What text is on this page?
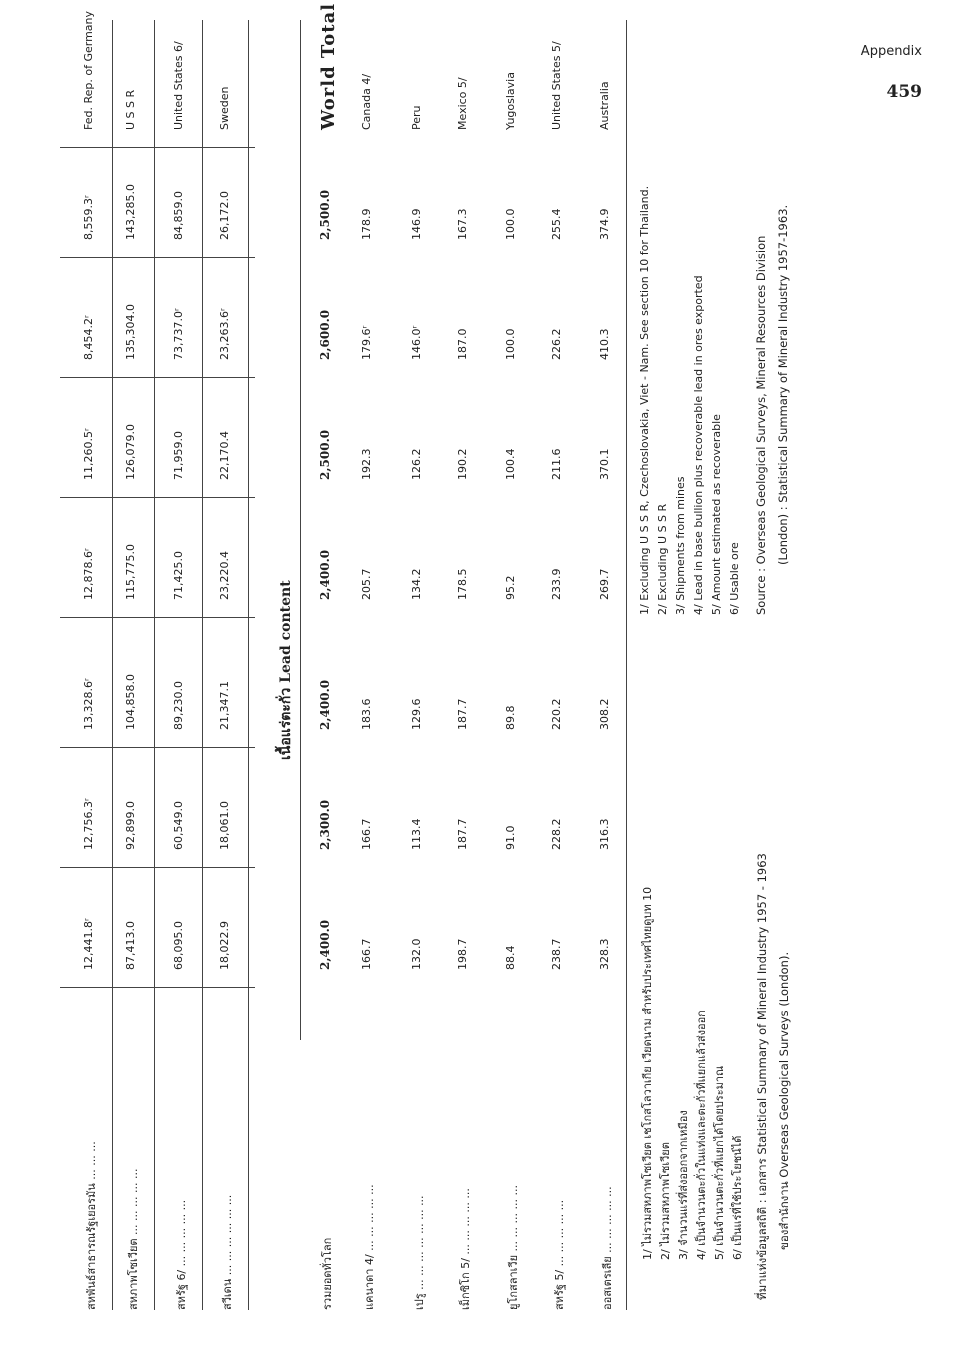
Appendix
459
สหพันธ์สาธารณรัฐเยอรมัน ... ... ...
12,441.8ʳ
12,756.3ʳ
13,328.6ʳ
12,878.6ʳ
11,260.5ʳ
8,454.2ʳ
8,559.3ʳ
Fed. Rep. of Germany
สหภาพโซเวียต ... ... ... ... ...
87,413.0
92,899.0
104,858.0
115,775.0
126,079.0
135,304.0
143,285.0
U S S R
สหรัฐ 6/ ... ... ... ... ...
68,095.0
60,549.0
89,230.0
71,425.0
71,959.0
73,737.0ʳ
84,859.0
United States 6/
สวีเดน ... ... ... ... ... ...
18,022.9
18,061.0
21,347.1
23,220.4
22,170.4
23,263.6ʳ
26,172.0
Sweden
เนื้อแร่ตะกั่ว Lead content
รวมยอดทั่วโลก
2,400.0
2,300.0
2,400.0
2,400.0
2,500.0
2,600.0
2,500.0
World Total
แคนาดา 4/ ... ... ... ... ...
166.7
166.7
183.6
205.7
192.3
179.6ʳ
178.9
Canada 4/
เปรู ... ... ... ... ... ... ...
132.0
113.4
129.6
134.2
126.2
146.0ʳ
146.9
Peru
เม็กซิโก 5/ ... ... ... ... ...
198.7
187.7
187.7
178.5
190.2
187.0
167.3
Mexico 5/
ยูโกสลาเวีย ... ... ... ... ...
88.4
91.0
89.8
95.2
100.4
100.0
100.0
Yugoslavia
สหรัฐ 5/ ... ... ... ... ...
238.7
228.2
220.2
233.9
211.6
226.2
255.4
United States 5/
ออสเตรเลีย ... ... ... ... ...
328.3
316.3
308.2
269.7
370.1
410.3
374.9
Australia
1/ ไม่รวมสหภาพโซเวียต เชโกสโลวาเกีย เวียดนาม สำหรับประเทศไทยดูบท 10 2/ ไม่รวมสหภาพโซเวียต 3/ จำนวนแร่ที่ส่งออกจากเหมือง 4/ เป็นจำนวนตะกั่วในแท่งและตะกั่วที่แยกแล้วส่งออก 5/ เป็นจำนวนตะกั่วที่แยกได้โดยประมาณ 6/ เป็นแร่ที่ใช้ประโยชน์ได้ ที่มาแห่งข้อมูลสถิติ : เอกสาร Statistical Summary of Mineral Industry 1957 - 1963 ของสำนักงาน Overseas Geological Surveys (London).
1/ Excluding U S S R, Czechoslovakia, Viet - Nam. See section 10 for Thailand. 2/ Excluding U S S R 3/ Shipments from mines 4/ Lead in base bullion plus recoverable lead in ores exported 5/ Amount estimated as recoverable 6/ Usable ore Source : Overseas Geological Surveys, Mineral Resources Division (London) : Statistical Summary of Mineral Industry 1957-1963.
